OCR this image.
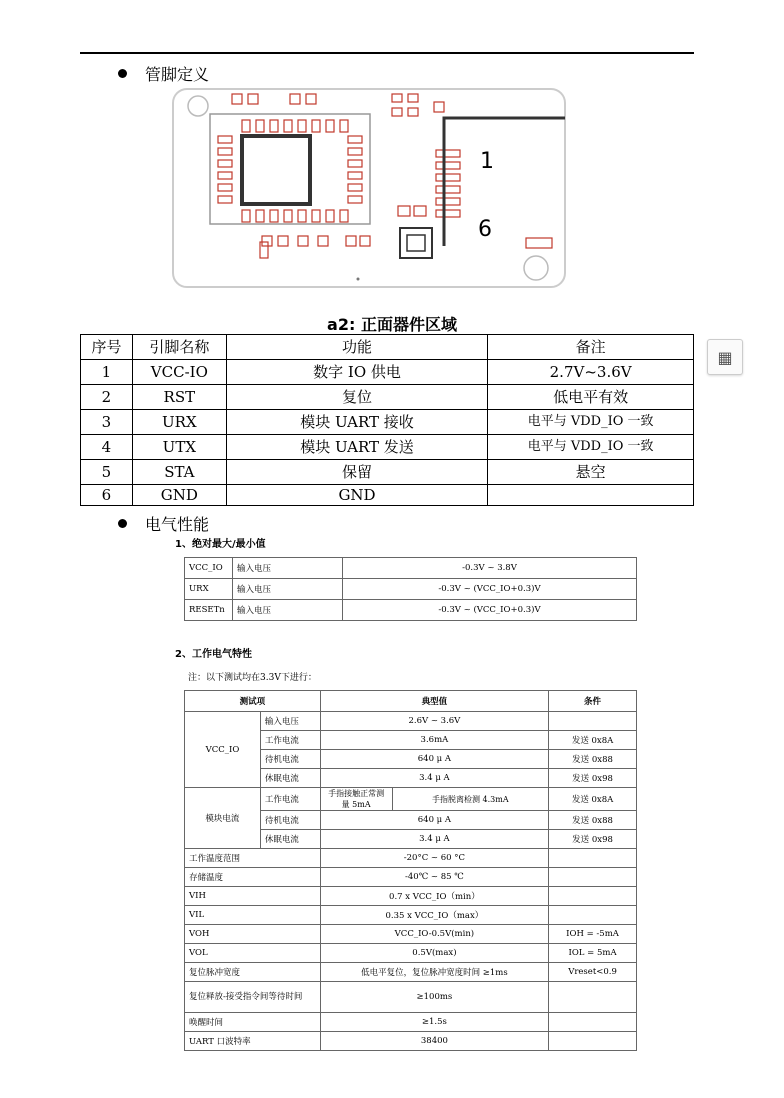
管脚定义
1
6
a2: 正面器件区域
序号	引脚名称	功能	备注
1	VCC-IO	数字 IO 供电	2.7V~3.6V
2	RST	复位	低电平有效
3	URX	模块 UART 接收	电平与 VDD_IO 一致
4	UTX	模块 UART 发送	电平与 VDD_IO 一致
5	STA	保留	悬空
6	GND	GND	
▦
电气性能
1、绝对最大/最小值
VCC_IO	输入电压	-0.3V ~ 3.8V
URX	输入电压	-0.3V ~ (VCC_IO+0.3)V
RESETn	输入电压	-0.3V ~ (VCC_IO+0.3)V
2、工作电气特性
注：以下测试均在3.3V下进行：
测试项		典型值		条件
VCC_IO	输入电压	2.6V ~ 3.6V		
	工作电流	3.6mA		发送 0x8A
	待机电流	640 μ A		发送 0x88
	休眠电流	3.4 μ A		发送 0x98
模块电流	工作电流	手指接触正常测量 5mA	手指脱离检测 4.3mA	发送 0x8A
	待机电流	640 μ A		发送 0x88
	休眠电流	3.4 μ A		发送 0x98
工作温度范围		-20°C ~ 60 °C		
存储温度		-40℃ ~ 85 ℃		
VIH		0.7 x VCC_IO（min）		
VIL		0.35 x VCC_IO（max）		
VOH		VCC_IO-0.5V(min)		IOH = -5mA
VOL		0.5V(max)		IOL = 5mA
复位脉冲宽度		低电平复位，复位脉冲宽度时间 ≥1ms		Vreset<0.9
复位释放-接受指令间等待时间		≥100ms		
唤醒时间		≥1.5s		
UART 口波特率		38400		
